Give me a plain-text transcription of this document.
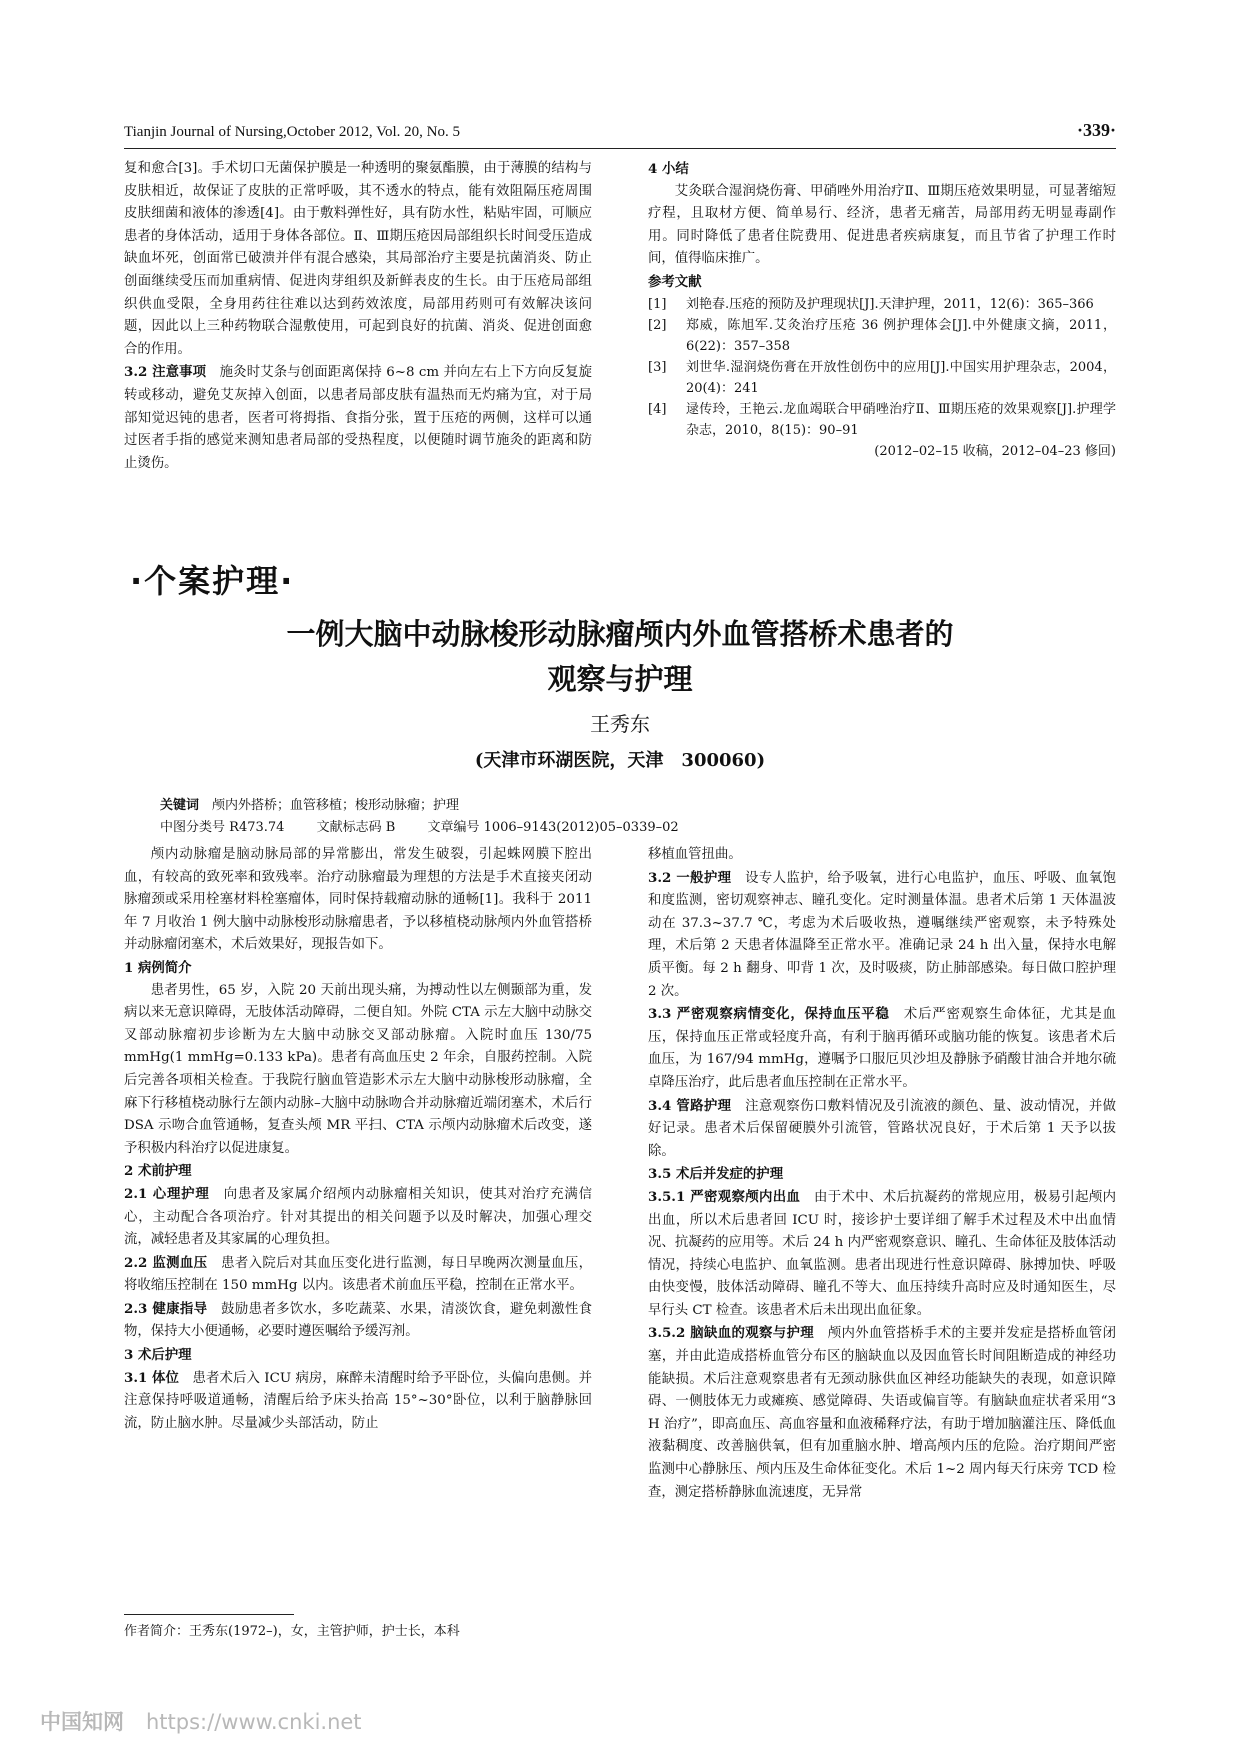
Tianjin Journal of Nursing,October 2012, Vol. 20, No. 5	·339·

复和愈合[3]。手术切口无菌保护膜是一种透明的聚氨酯膜，由于薄膜的结构与皮肤相近，故保证了皮肤的正常呼吸，其不透水的特点，能有效阻隔压疮周围皮肤细菌和液体的渗透[4]。由于敷料弹性好，具有防水性，粘贴牢固，可顺应患者的身体活动，适用于身体各部位。Ⅱ、Ⅲ期压疮因局部组织长时间受压造成缺血坏死，创面常已破溃并伴有混合感染，其局部治疗主要是抗菌消炎、防止创面继续受压而加重病情、促进肉芽组织及新鲜表皮的生长。由于压疮局部组织供血受限，全身用药往往难以达到药效浓度，局部用药则可有效解决该问题，因此以上三种药物联合湿敷使用，可起到良好的抗菌、消炎、促进创面愈合的作用。

3.2 注意事项　 施灸时艾条与创面距离保持 6~8 cm 并向左右上下方向反复旋转或移动，避免艾灰掉入创面，以患者局部皮肤有温热而无灼痛为宜，对于局部知觉迟钝的患者，医者可将拇指、食指分张，置于压疮的两侧，这样可以通过医者手指的感觉来测知患者局部的受热程度，以便随时调节施灸的距离和防止烫伤。

4 小结

艾灸联合湿润烧伤膏、甲硝唑外用治疗Ⅱ、Ⅲ期压疮效果明显，可显著缩短疗程，且取材方便、简单易行、经济，患者无痛苦，局部用药无明显毒副作用。同时降低了患者住院费用、促进患者疾病康复，而且节省了护理工作时间，值得临床推广。

参考文献

[1] 刘艳春.压疮的预防及护理现状[J].天津护理，2011，12(6)：365–366
[2] 郑威，陈旭军.艾灸治疗压疮 36 例护理体会[J].中外健康文摘，2011，6(22)：357–358
[3] 刘世华.湿润烧伤膏在开放性创伤中的应用[J].中国实用护理杂志，2004，20(4)：241
[4] 逯传玲，王艳云.龙血竭联合甲硝唑治疗Ⅱ、Ⅲ期压疮的效果观察[J].护理学杂志，2010，8(15)：90–91

(2012–02–15 收稿，2012–04–23 修回)

·个案护理·
一例大脑中动脉梭形动脉瘤颅内外血管搭桥术患者的
观察与护理
王秀东
(天津市环湖医院，天津　300060)
关键词　 颅内外搭桥；血管移植；梭形动脉瘤；护理
中图分类号 R473.74 文献标志码 B 文章编号 1006–9143(2012)05–0339–02

颅内动脉瘤是脑动脉局部的异常膨出，常发生破裂，引起蛛网膜下腔出血，有较高的致死率和致残率。治疗动脉瘤最为理想的方法是手术直接夹闭动脉瘤颈或采用栓塞材料栓塞瘤体，同时保持载瘤动脉的通畅[1]。我科于 2011 年 7 月收治 1 例大脑中动脉梭形动脉瘤患者，予以移植桡动脉颅内外血管搭桥并动脉瘤闭塞术，术后效果好，现报告如下。

1 病例简介

患者男性，65 岁，入院 20 天前出现头痛，为搏动性以左侧颞部为重，发病以来无意识障碍，无肢体活动障碍，二便自知。外院 CTA 示左大脑中动脉交叉部动脉瘤初步诊断为左大脑中动脉交叉部动脉瘤。入院时血压 130/75 mmHg(1 mmHg=0.133 kPa)。患者有高血压史 2 年余，自服药控制。入院后完善各项相关检查。于我院行脑血管造影术示左大脑中动脉梭形动脉瘤，全麻下行移植桡动脉行左颌内动脉–大脑中动脉吻合并动脉瘤近端闭塞术，术后行 DSA 示吻合血管通畅，复查头颅 MR 平扫、CTA 示颅内动脉瘤术后改变，遂予积极内科治疗以促进康复。

2 术前护理

2.1 心理护理　 向患者及家属介绍颅内动脉瘤相关知识，使其对治疗充满信心，主动配合各项治疗。针对其提出的相关问题予以及时解决，加强心理交流，减轻患者及其家属的心理负担。

2.2 监测血压　 患者入院后对其血压变化进行监测，每日早晚两次测量血压，将收缩压控制在 150 mmHg 以内。该患者术前血压平稳，控制在正常水平。

2.3 健康指导　 鼓励患者多饮水，多吃蔬菜、水果，清淡饮食，避免刺激性食物，保持大小便通畅，必要时遵医嘱给予缓泻剂。

3 术后护理

3.1 体位　 患者术后入 ICU 病房，麻醉未清醒时给予平卧位，头偏向患侧。并注意保持呼吸道通畅，清醒后给予床头抬高 15°~30°卧位，以利于脑静脉回流，防止脑水肿。尽量减少头部活动，防止

移植血管扭曲。

3.2 一般护理　 设专人监护，给予吸氧，进行心电监护，血压、呼吸、血氧饱和度监测，密切观察神志、瞳孔变化。定时测量体温。患者术后第 1 天体温波动在 37.3~37.7 ℃，考虑为术后吸收热，遵嘱继续严密观察，未予特殊处理，术后第 2 天患者体温降至正常水平。准确记录 24 h 出入量，保持水电解质平衡。每 2 h 翻身、叩背 1 次，及时吸痰，防止肺部感染。每日做口腔护理 2 次。

3.3 严密观察病情变化，保持血压平稳　 术后严密观察生命体征，尤其是血压，保持血压正常或轻度升高，有利于脑再循环或脑功能的恢复。该患者术后血压，为 167/94 mmHg，遵嘱予口服厄贝沙坦及静脉予硝酸甘油合并地尔硫卓降压治疗，此后患者血压控制在正常水平。

3.4 管路护理　 注意观察伤口敷料情况及引流液的颜色、量、波动情况，并做好记录。患者术后保留硬膜外引流管，管路状况良好，于术后第 1 天予以拔除。

3.5 术后并发症的护理

3.5.1 严密观察颅内出血　 由于术中、术后抗凝药的常规应用，极易引起颅内出血，所以术后患者回 ICU 时，接诊护士要详细了解手术过程及术中出血情况、抗凝药的应用等。术后 24 h 内严密观察意识、瞳孔、生命体征及肢体活动情况，持续心电监护、血氧监测。患者出现进行性意识障碍、脉搏加快、呼吸由快变慢，肢体活动障碍、瞳孔不等大、血压持续升高时应及时通知医生，尽早行头 CT 检查。该患者术后未出现出血征象。

3.5.2 脑缺血的观察与护理　 颅内外血管搭桥手术的主要并发症是搭桥血管闭塞，并由此造成搭桥血管分布区的脑缺血以及因血管长时间阻断造成的神经功能缺损。术后注意观察患者有无颈动脉供血区神经功能缺失的表现，如意识障碍、一侧肢体无力或瘫痪、感觉障碍、失语或偏盲等。有脑缺血症状者采用“3 H 治疗”，即高血压、高血容量和血液稀释疗法，有助于增加脑灌注压、降低血液黏稠度、改善脑供氧，但有加重脑水肿、增高颅内压的危险。治疗期间严密监测中心静脉压、颅内压及生命体征变化。术后 1~2 周内每天行床旁 TCD 检查，测定搭桥静脉血流速度，无异常

作者简介：王秀东(1972–)，女，主管护师，护士长，本科
中国知网 https://www.cnki.net
